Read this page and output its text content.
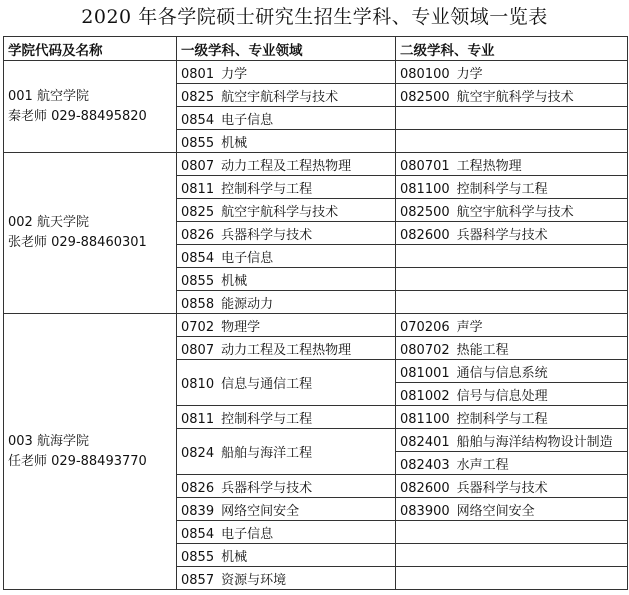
2020 年各学院硕士研究生招生学科、专业领域一览表
学院代码及名称	一级学科、专业领域	二级学科、专业

001 航空学院
秦老师 029-88495820	0801 力学	080100 力学
	0825 航空宇航科学与技术	082500 航空宇航科学与技术
	0854 电子信息	
	0855 机械	

002 航天学院
张老师 029-88460301	0807 动力工程及工程热物理	080701 工程热物理
	0811 控制科学与工程	081100 控制科学与工程
	0825 航空宇航科学与技术	082500 航空宇航科学与技术
	0826 兵器科学与技术	082600 兵器科学与技术
	0854 电子信息	
	0855 机械	
	0858 能源动力	

003 航海学院
任老师 029-88493770	0702 物理学	070206 声学
	0807 动力工程及工程热物理	080702 热能工程
	0810 信息与通信工程	081001 通信与信息系统
		081002 信号与信息处理
	0811 控制科学与工程	081100 控制科学与工程
	0824 船舶与海洋工程	082401 船舶与海洋结构物设计制造
		082403 水声工程
	0826 兵器科学与技术	082600 兵器科学与技术
	0839 网络空间安全	083900 网络空间安全
	0854 电子信息	
	0855 机械	
	0857 资源与环境	
